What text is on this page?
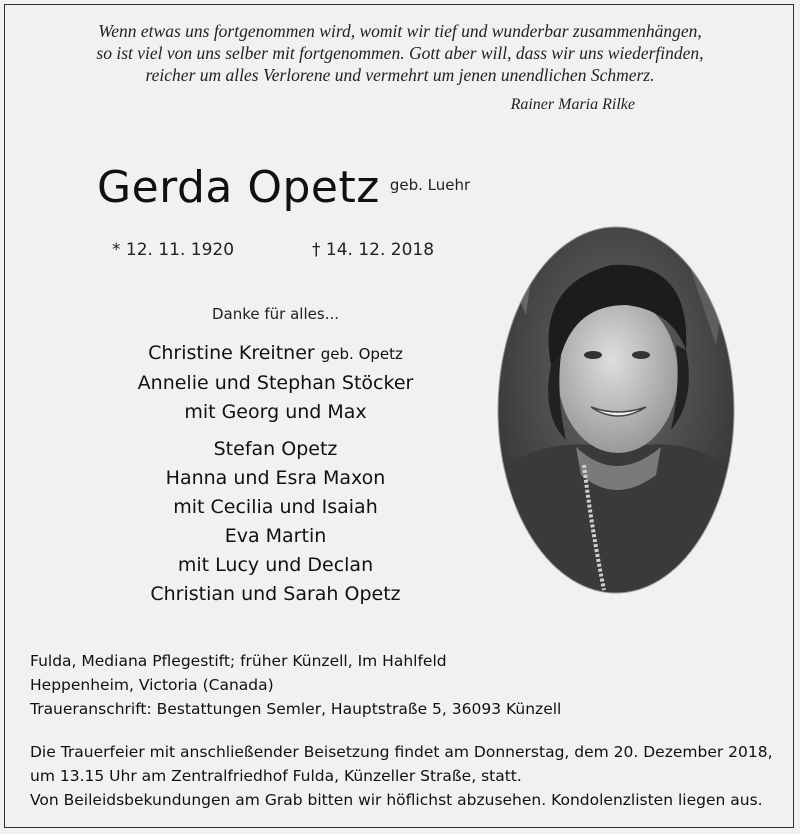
Wenn etwas uns fortgenommen wird, womit wir tief und wunderbar zusammenhängen,
so ist viel von uns selber mit fortgenommen. Gott aber will, dass wir uns wiederfinden,
reicher um alles Verlorene und vermehrt um jenen unendlichen Schmerz.
Rainer Maria Rilke
Gerda Opetz geb. Luehr
* 12. 11. 1920	† 14. 12. 2018
Danke für alles...
Christine Kreitner geb. Opetz
Annelie und Stephan Stöcker
mit Georg und Max
Stefan Opetz
Hanna und Esra Maxon
mit Cecilia und Isaiah
Eva Martin
mit Lucy und Declan
Christian und Sarah Opetz
Fulda, Mediana Pflegestift; früher Künzell, Im Hahlfeld
Heppenheim, Victoria (Canada)
Traueranschrift: Bestattungen Semler, Hauptstraße 5, 36093 Künzell
Die Trauerfeier mit anschließender Beisetzung findet am Donnerstag, dem 20. Dezember 2018,
um 13.15 Uhr am Zentralfriedhof Fulda, Künzeller Straße, statt.
Von Beileidsbekundungen am Grab bitten wir höflichst abzusehen. Kondolenzlisten liegen aus.
